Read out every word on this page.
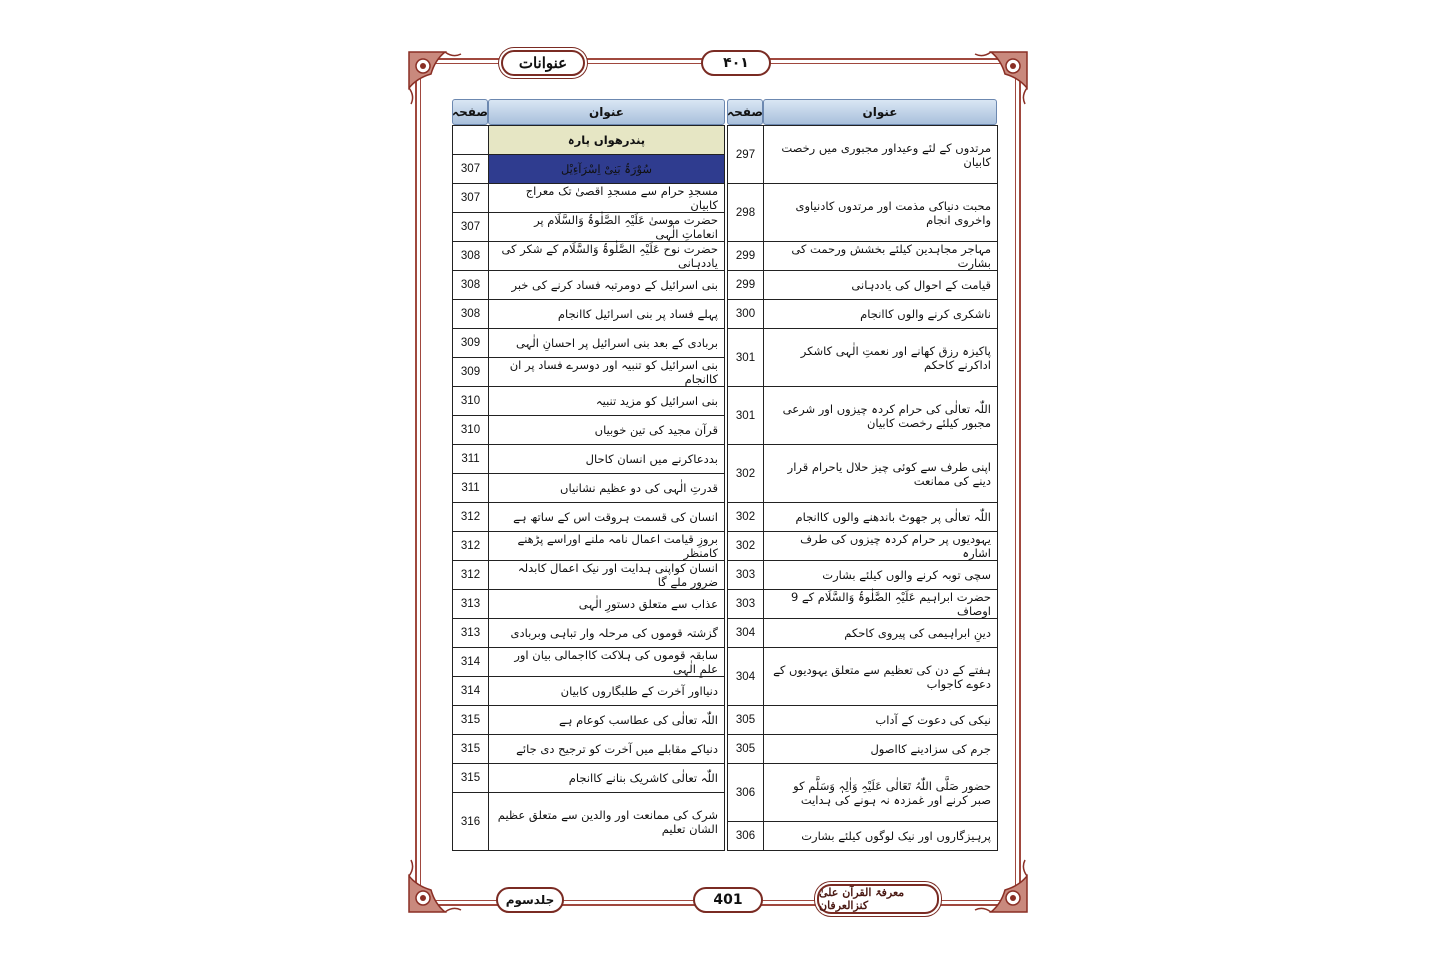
عنوانات	۴۰۱
صفحہ	عنوان	صفحہ	عنوان
	پندرھواں پارہ
307	سُوْرَۃُ بَنِیْ اِسْرَآءِیْل
307	مسجدِ حرام سے مسجدِ اقصیٰ تک معراج کابیان
307	حضرت موسیٰ عَلَیْہِ الصَّلٰوۃُ وَالسَّلَام پر انعاماتِ الٰہی
308	حضرت نوح عَلَیْہِ الصَّلٰوۃُ وَالسَّلَام کے شکر کی یاددہانی
308	بنی اسرائیل کے دومرتبہ فساد کرنے کی خبر
308	پہلے فساد پر بنی اسرائیل کاانجام
309	بربادی کے بعد بنی اسرائیل پر احسانِ الٰہی
309	بنی اسرائیل کو تنبیہ اور دوسرے فساد پر ان کاانجام
310	بنی اسرائیل کو مزید تنبیہ
310	قرآن مجید کی تین خوبیاں
311	بددعاکرنے میں انسان کاحال
311	قدرتِ الٰہی کی دو عظیم نشانیاں
312	انسان کی قسمت ہروقت اس کے ساتھ ہے
312	بروزِ قیامت اعمال نامہ ملنے اوراسے پڑھنے کامنظر
312	انسان کواپنی ہدایت اور نیک اعمال کابدلہ ضرور ملے گا
313	عذاب سے متعلق دستورِ الٰہی
313	گزشتہ قوموں کی مرحلہ وار تباہی وبربادی
314	سابقہ قوموں کی ہلاکت کااجمالی بیان اور علمِ الٰہی
314	دنیااور آخرت کے طلبگاروں کابیان
315	اللّٰہ تعالٰی کی عطاسب کوعام ہے
315	دنیاکے مقابلے میں آخرت کو ترجیح دی جائے
315	اللّٰہ تعالٰی کاشریک بنانے کاانجام
316	شرک کی ممانعت اور والدین سے متعلق عظیم الشان تعلیم
297	مرتدوں کے لئے وعیداور مجبوری میں رخصت کابیان
298	محبت دنیاکی مذمت اور مرتدوں کادنیاوی واخروی انجام
299	مہاجر مجاہدین کیلئے بخشش ورحمت کی بشارت
299	قیامت کے احوال کی یاددہانی
300	ناشکری کرنے والوں کاانجام
301	پاکیزہ رزق کھانے اور نعمتِ الٰہی کاشکر اداکرنے کاحکم
301	اللّٰہ تعالٰی کی حرام کردہ چیزوں اور شرعی مجبور کیلئے رخصت کابیان
302	اپنی طرف سے کوئی چیز حلال یاحرام قرار دینے کی ممانعت
302	اللّٰہ تعالٰی پر جھوٹ باندھنے والوں کاانجام
302	یہودیوں پر حرام کردہ چیزوں کی طرف اشارہ
303	سچی توبہ کرنے والوں کیلئے بشارت
303	حضرت ابراہیم عَلَیْہِ الصَّلٰوۃُ وَالسَّلَام کے 9 اوصاف
304	دینِ ابراہیمی کی پیروی کاحکم
304	ہفتے کے دن کی تعظیم سے متعلق یہودیوں کے دعوے کاجواب
305	نیکی کی دعوت کے آداب
305	جرم کی سزادینے کااصول
306	حضور صَلَّی اللّٰہُ تَعَالٰی عَلَیْہِ وَاٰلِہٖ وَسَلَّم کو صبر کرنے اور غمزدہ نہ ہونے کی ہدایت
306	پرہیزگاروں اور نیک لوگوں کیلئے بشارت
جلدسوم	401	معرفۃ القرآن علیٰ کنزالعرفان
